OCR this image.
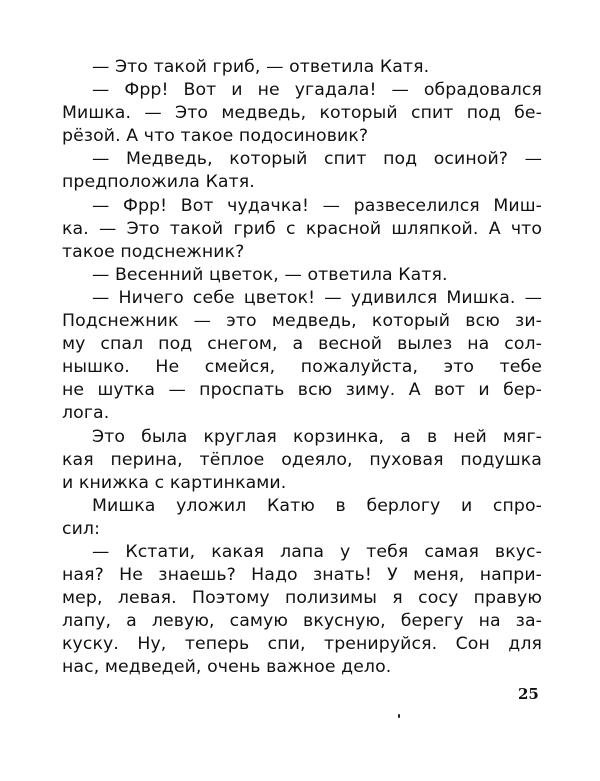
— Это такой гриб, — ответила Катя.
— Фрр! Вот и не угадала! — обрадовался
Мишка. — Это медведь, который спит под бе-
рёзой. А что такое подосиновик?
— Медведь, который спит под осиной? —
предположила Катя.
— Фрр! Вот чудачка! — развеселился Миш-
ка. — Это такой гриб с красной шляпкой. А что
такое подснежник?
— Весенний цветок, — ответила Катя.
— Ничего себе цветок! — удивился Мишка. —
Подснежник — это медведь, который всю зи-
му спал под снегом, а весной вылез на сол-
нышко. Не смейся, пожалуйста, это тебе
не шутка — проспать всю зиму. А вот и бер-
лога.
Это была круглая корзинка, а в ней мяг-
кая перина, тёплое одеяло, пуховая подушка
и книжка с картинками.
Мишка уложил Катю в берлогу и спро-
сил:
— Кстати, какая лапа у тебя самая вкус-
ная? Не знаешь? Надо знать! У меня, напри-
мер, левая. Поэтому полизимы я сосу правую
лапу, а левую, самую вкусную, берегу на за-
куску. Ну, теперь спи, тренируйся. Сон для
нас, медведей, очень важное дело.
25
